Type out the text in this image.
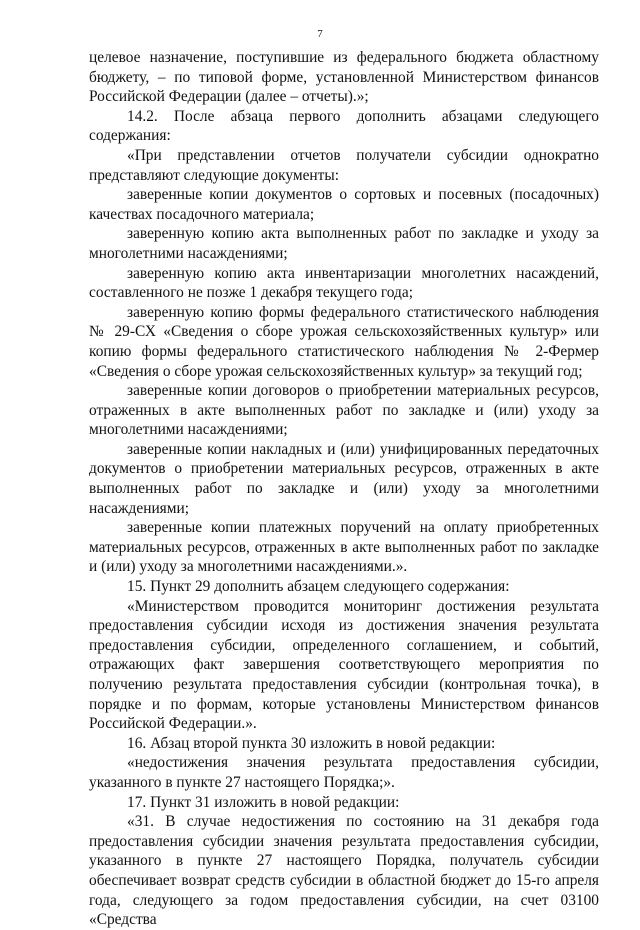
7

целевое назначение, поступившие из федерального бюджета областному бюджету, – по типовой форме, установленной Министерством финансов Российской Федерации (далее – отчеты).»;

14.2. После абзаца первого дополнить абзацами следующего содержания:

«При представлении отчетов получатели субсидии однократно представляют следующие документы:

заверенные копии документов о сортовых и посевных (посадочных) качествах посадочного материала;

заверенную копию акта выполненных работ по закладке и уходу за многолетними насаждениями;

заверенную копию акта инвентаризации многолетних насаждений, составленного не позже 1 декабря текущего года;

заверенную копию формы федерального статистического наблюдения № 29-СХ «Сведения о сборе урожая сельскохозяйственных культур» или копию формы федерального статистического наблюдения № 2-Фермер «Сведения о сборе урожая сельскохозяйственных культур» за текущий год;

заверенные копии договоров о приобретении материальных ресурсов, отраженных в акте выполненных работ по закладке и (или) уходу за многолетними насаждениями;

заверенные копии накладных и (или) унифицированных передаточных документов о приобретении материальных ресурсов, отраженных в акте выполненных работ по закладке и (или) уходу за многолетними насаждениями;

заверенные копии платежных поручений на оплату приобретенных материальных ресурсов, отраженных в акте выполненных работ по закладке и (или) уходу за многолетними насаждениями.».

15. Пункт 29 дополнить абзацем следующего содержания:

«Министерством проводится мониторинг достижения результата предоставления субсидии исходя из достижения значения результата предоставления субсидии, определенного соглашением, и событий, отражающих факт завершения соответствующего мероприятия по получению результата предоставления субсидии (контрольная точка), в порядке и по формам, которые установлены Министерством финансов Российской Федерации.».

16. Абзац второй пункта 30 изложить в новой редакции:

«недостижения значения результата предоставления субсидии, указанного в пункте 27 настоящего Порядка;».

17. Пункт 31 изложить в новой редакции:

«31. В случае недостижения по состоянию на 31 декабря года предоставления субсидии значения результата предоставления субсидии, указанного в пункте 27 настоящего Порядка, получатель субсидии обеспечивает возврат средств субсидии в областной бюджет до 15-го апреля года, следующего за годом предоставления субсидии, на счет 03100 «Средства
